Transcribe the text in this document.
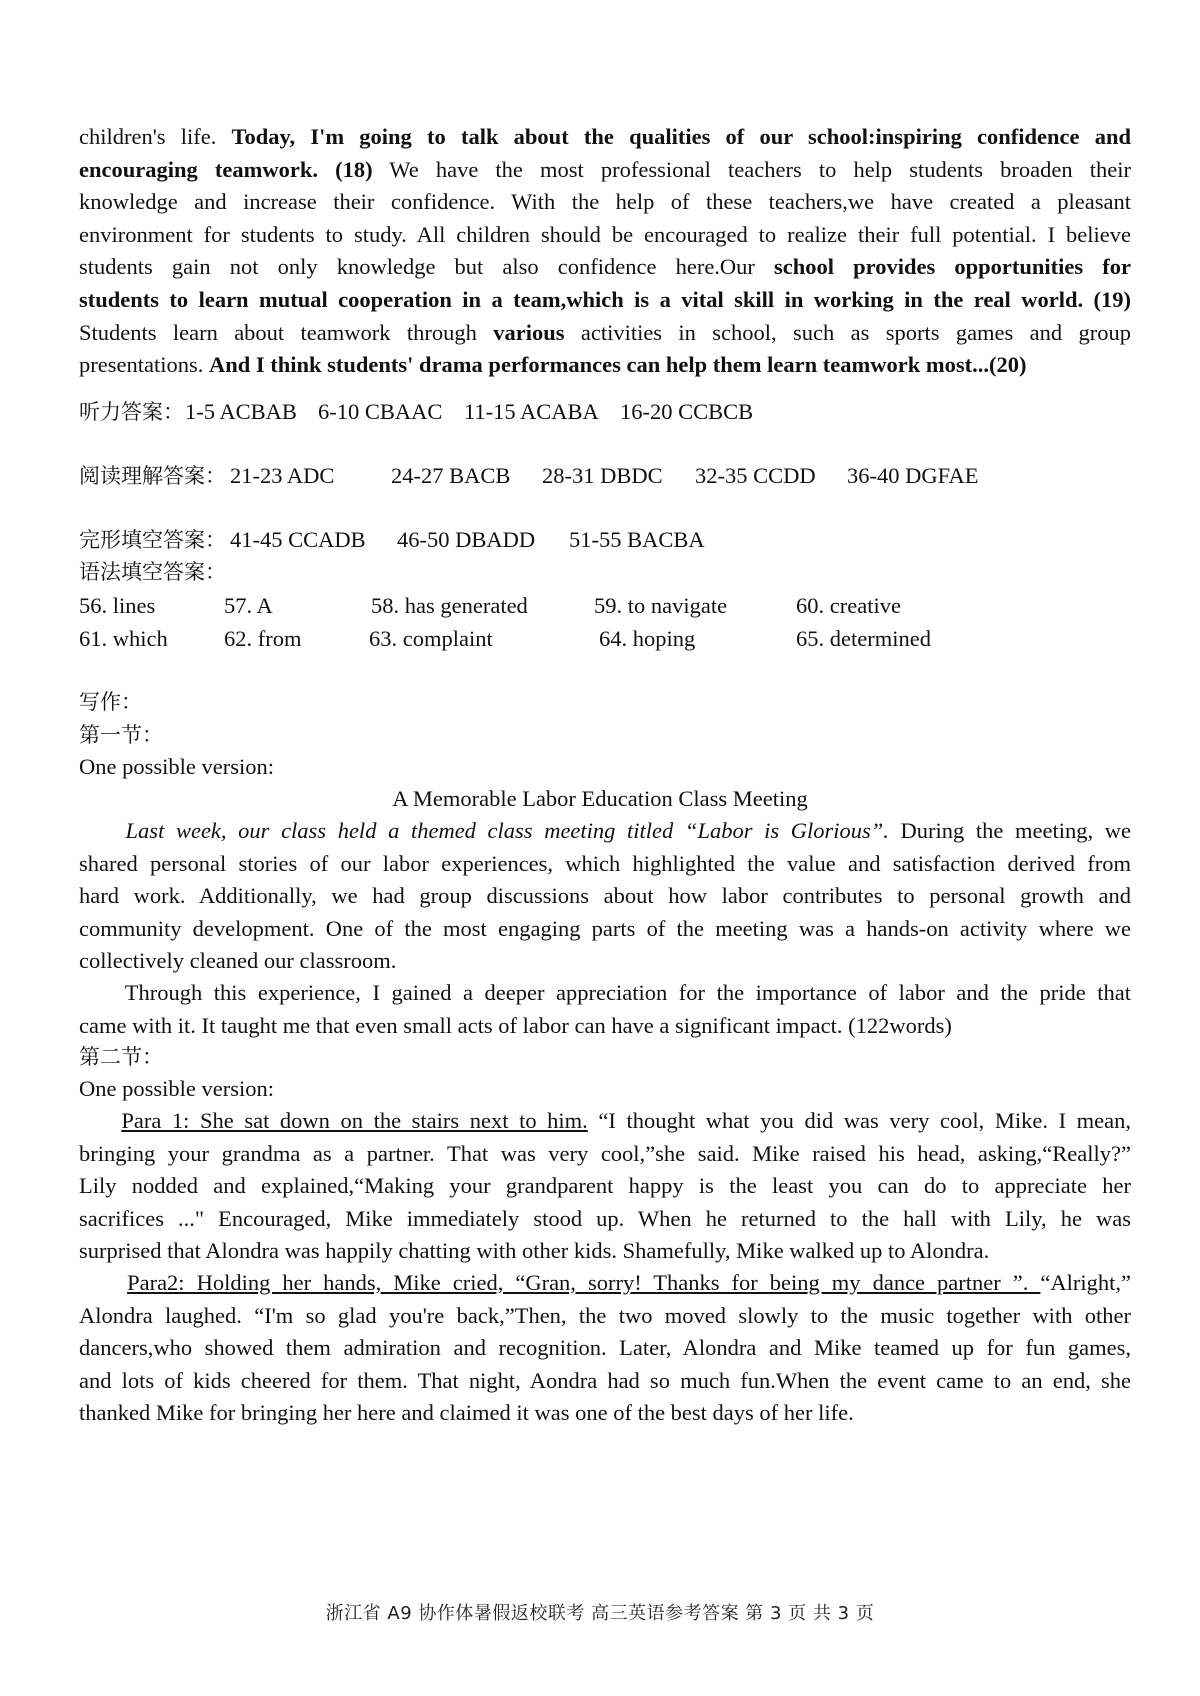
children's life. Today, I'm going to talk about the qualities of our school:inspiring confidence and
encouraging teamwork. (18) We have the most professional teachers to help students broaden their
knowledge and increase their confidence. With the help of these teachers,we have created a pleasant
environment for students to study. All children should be encouraged to realize their full potential. I believe
students gain not only knowledge but also confidence here.Our school provides opportunities for
students to learn mutual cooperation in a team,which is a vital skill in working in the real world. (19)
Students learn about teamwork through various activities in school, such as sports games and group
presentations. And I think students' drama performances can help them learn teamwork most...(20)
听力答案： 1-5 ACBAB 6-10 CBAAC 11-15 ACABA 16-20 CCBCB
阅读理解答案： 21-23 ADC	24-27 BACB 28-31 DBDC 32-35 CCDD 36-40 DGFAE
完形填空答案： 41-45 CCADB 46-50 DBADD 51-55 BACBA
语法填空答案：
56. lines	57. A	58. has generated	59. to navigate	60. creative
61. which	62. from	63. complaint	64. hoping	65. determined
写作：
第一节：
One possible version:
A Memorable Labor Education Class Meeting
Last week, our class held a themed class meeting titled “Labor is Glorious”. During the meeting, we
shared personal stories of our labor experiences, which highlighted the value and satisfaction derived from
hard work. Additionally, we had group discussions about how labor contributes to personal growth and
community development. One of the most engaging parts of the meeting was a hands-on activity where we
collectively cleaned our classroom.
Through this experience, I gained a deeper appreciation for the importance of labor and the pride that
came with it. It taught me that even small acts of labor can have a significant impact. (122words)
第二节：
One possible version:
Para 1: She sat down on the stairs next to him. “I thought what you did was very cool, Mike. I mean,
bringing your grandma as a partner. That was very cool,”she said. Mike raised his head, asking,“Really?”
Lily nodded and explained,“Making your grandparent happy is the least you can do to appreciate her
sacrifices ..." Encouraged, Mike immediately stood up. When he returned to the hall with Lily, he was
surprised that Alondra was happily chatting with other kids. Shamefully, Mike walked up to Alondra.
Para2: Holding her hands, Mike cried, “Gran, sorry! Thanks for being my dance partner ”. “Alright,”
Alondra laughed. “I'm so glad you're back,”Then, the two moved slowly to the music together with other
dancers,who showed them admiration and recognition. Later, Alondra and Mike teamed up for fun games,
and lots of kids cheered for them. That night, Aondra had so much fun.When the event came to an end, she
thanked Mike for bringing her here and claimed it was one of the best days of her life.
浙江省 A9 协作体暑假返校联考 高三英语参考答案 第 3 页 共 3 页
